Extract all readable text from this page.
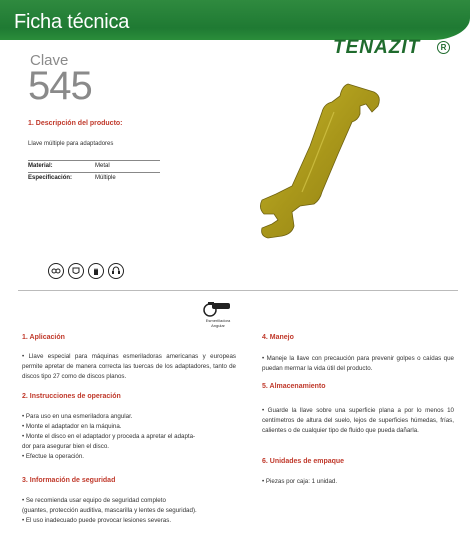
Ficha técnica
TENAZIT	R
Clave
545
1. Descripción del producto:
Llave múltiple para adaptadores
Material:	Metal
Especificación:	Múltiple
Esmerilladora
Angular
1. Aplicación
• Llave especial para máquinas esmeriladoras americanas y europeas permite apretar de manera correcta las tuercas de los adaptadores, tanto de discos tipo 27 como de discos planos.
2. Instrucciones de operación
• Para uso en una esmeriladora angular.
• Monte el adaptador en la máquina.
• Monte el disco en el adaptador y proceda a apretar el adapta-
dor para asegurar bien el disco.
• Efectue la operación.
3. Información de seguridad
• Se recomienda usar equipo de seguridad completo
(guantes, protección auditiva, mascarilla y lentes de seguridad).
• El uso inadecuado puede provocar lesiones severas.
4. Manejo
• Maneje la llave con precaución para prevenir golpes o caídas que puedan mermar la vida útil del producto.
5. Almacenamiento
• Guarde la llave sobre una superficie plana a por lo menos 10 centímetros de altura del suelo, lejos de superficies húmedas, frías, calientes o de cualquier tipo de fluido que pueda dañarla.
6. Unidades de empaque
• Piezas por caja: 1 unidad.
